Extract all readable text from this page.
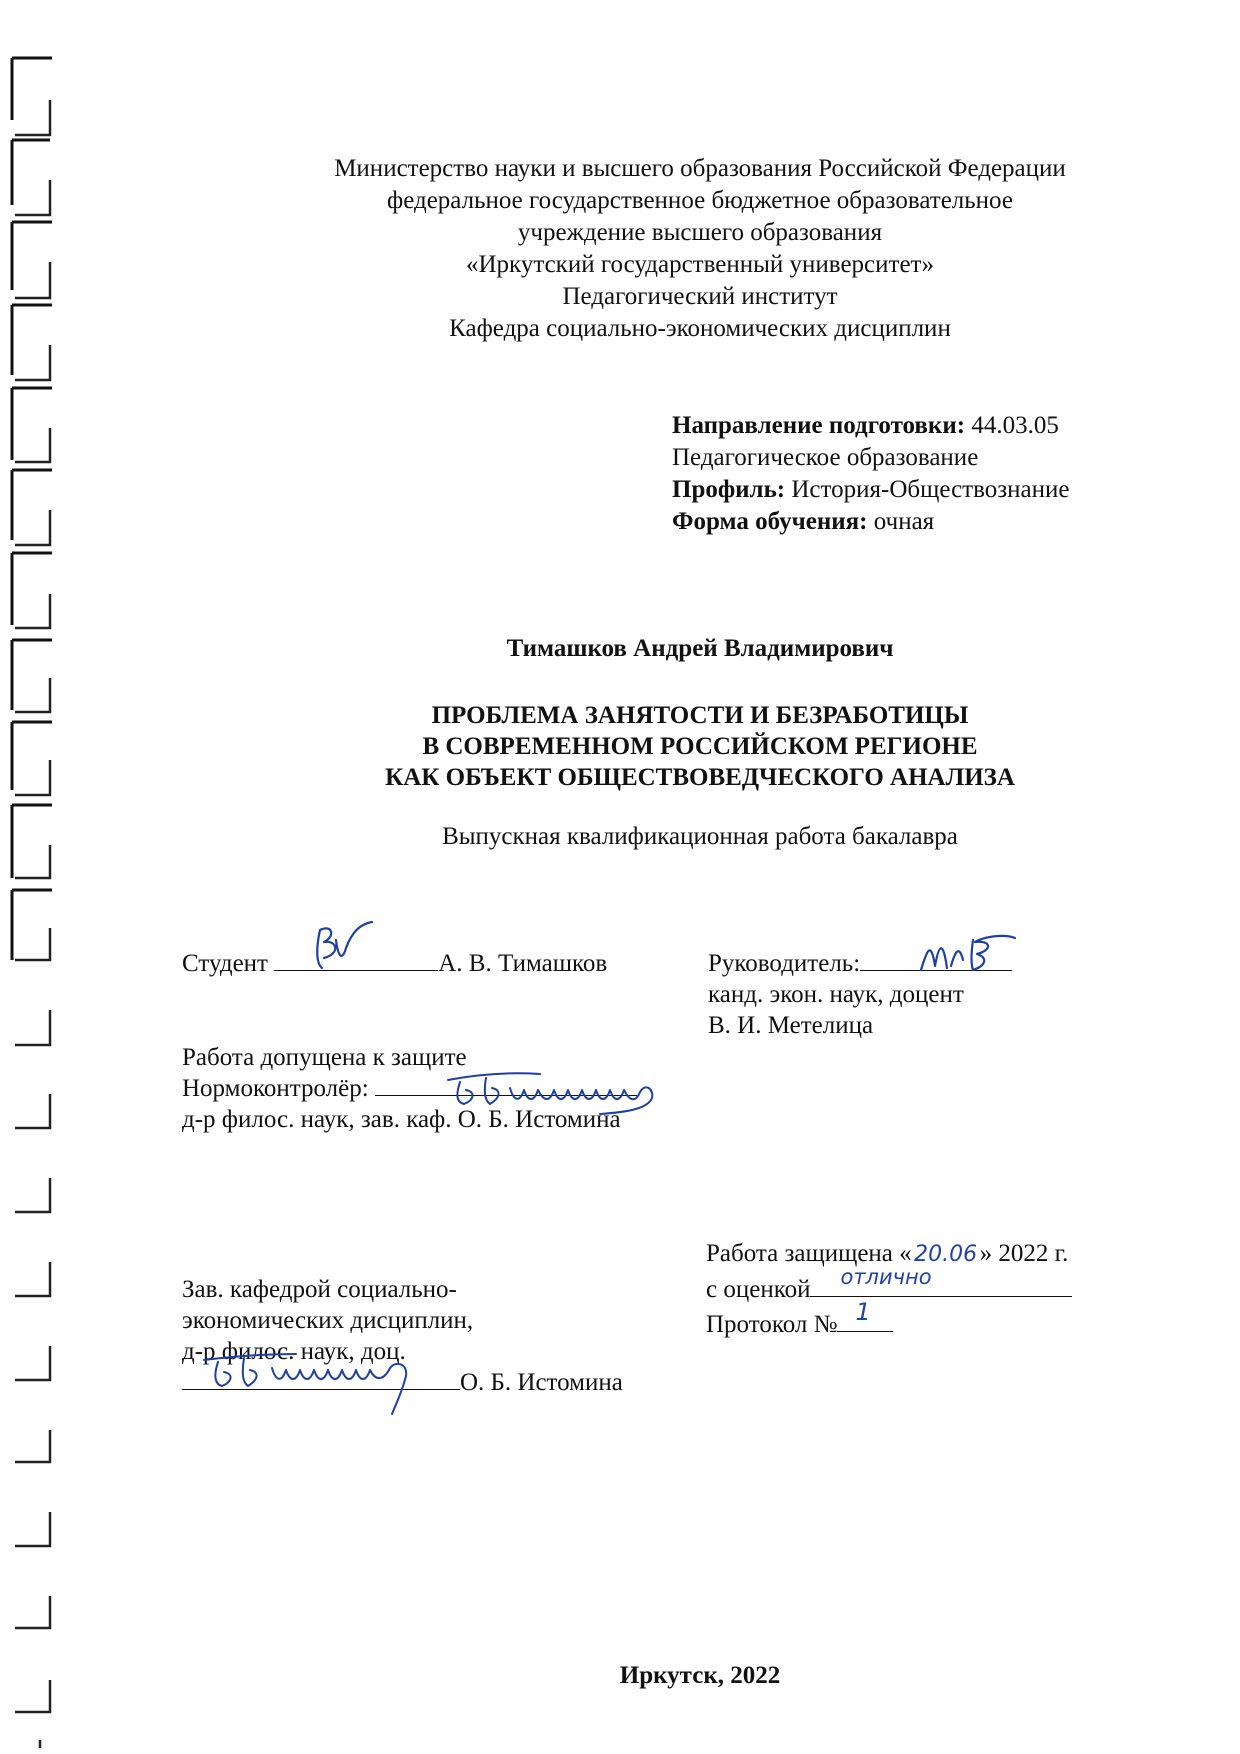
Министерство науки и высшего образования Российской Федерации
федеральное государственное бюджетное образовательное
учреждение высшего образования
«Иркутский государственный университет»
Педагогический институт
Кафедра социально-экономических дисциплин
Направление подготовки: 44.03.05
Педагогическое образование
Профиль: История-Обществознание
Форма обучения: очная
Тимашков Андрей Владимирович
ПРОБЛЕМА ЗАНЯТОСТИ И БЕЗРАБОТИЦЫ
В СОВРЕМЕННОМ РОССИЙСКОМ РЕГИОНЕ
КАК ОБЪЕКТ ОБЩЕСТВОВЕДЧЕСКОГО АНАЛИЗА
Выпускная квалификационная работа бакалавра
Студент	А. В. Тимашков	Руководитель:
канд. экон. наук, доцент
В. И. Метелица
Работа допущена к защите
Нормоконтролёр:
д-р филос. наук, зав. каф. О. Б. Истомина
Зав. кафедрой социально-
экономических дисциплин,
д-р филос. наук, доц.
О. Б. Истомина
Работа защищена « 20.06 » 2022 г.
с оценкой отлично
Протокол № 1
Иркутск, 2022
